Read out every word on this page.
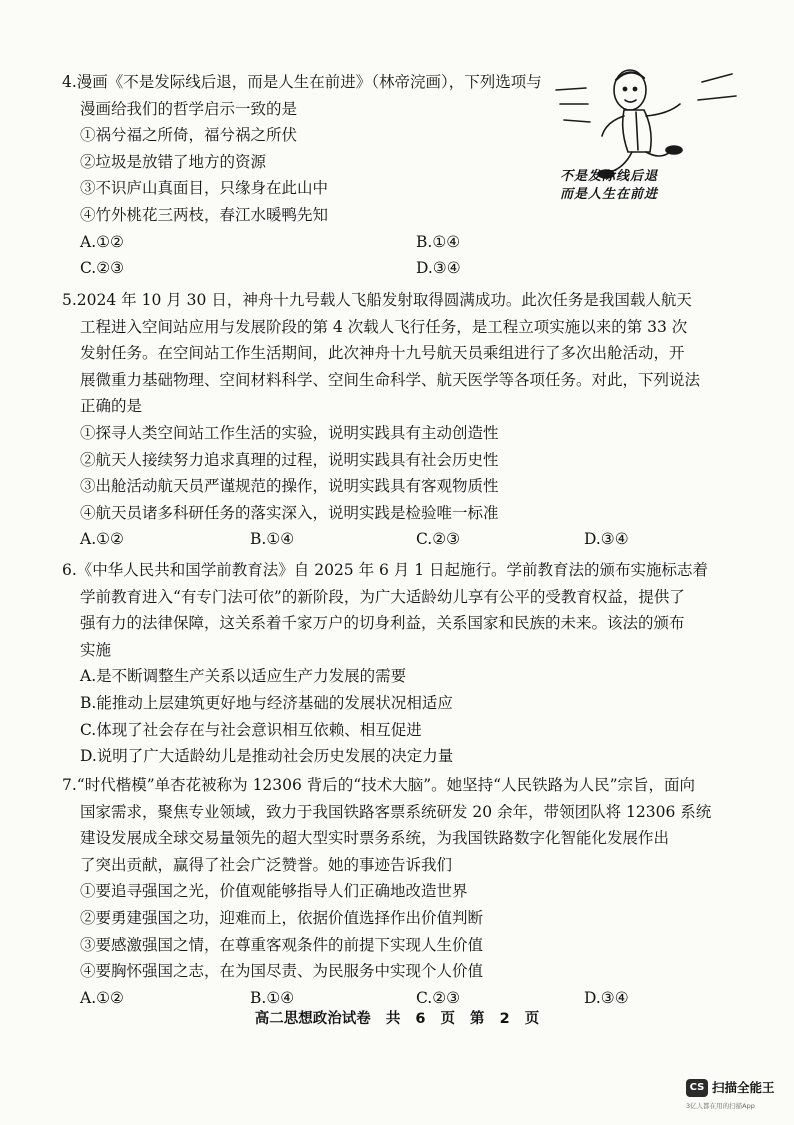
4.漫画《不是发际线后退，而是人生在前进》（林帝浣画），下列选项与
漫画给我们的哲学启示一致的是
①祸兮福之所倚，福兮祸之所伏
②垃圾是放错了地方的资源
③不识庐山真面目，只缘身在此山中
④竹外桃花三两枝，春江水暖鸭先知
A.①②	B.①④
C.②③	D.③④
不是发际线后退
而是人生在前进
5.2024 年 10 月 30 日，神舟十九号载人飞船发射取得圆满成功。此次任务是我国载人航天
工程进入空间站应用与发展阶段的第 4 次载人飞行任务，是工程立项实施以来的第 33 次
发射任务。在空间站工作生活期间，此次神舟十九号航天员乘组进行了多次出舱活动，开
展微重力基础物理、空间材料科学、空间生命科学、航天医学等各项任务。对此，下列说法
正确的是
①探寻人类空间站工作生活的实验，说明实践具有主动创造性
②航天人接续努力追求真理的过程，说明实践具有社会历史性
③出舱活动航天员严谨规范的操作，说明实践具有客观物质性
④航天员诸多科研任务的落实深入，说明实践是检验唯一标准
A.①②	B.①④	C.②③	D.③④
6.《中华人民共和国学前教育法》自 2025 年 6 月 1 日起施行。学前教育法的颁布实施标志着
学前教育进入“有专门法可依”的新阶段，为广大适龄幼儿享有公平的受教育权益，提供了
强有力的法律保障，这关系着千家万户的切身利益，关系国家和民族的未来。该法的颁布
实施
A.是不断调整生产关系以适应生产力发展的需要
B.能推动上层建筑更好地与经济基础的发展状况相适应
C.体现了社会存在与社会意识相互依赖、相互促进
D.说明了广大适龄幼儿是推动社会历史发展的决定力量
7.“时代楷模”单杏花被称为 12306 背后的“技术大脑”。她坚持“人民铁路为人民”宗旨，面向
国家需求，聚焦专业领域，致力于我国铁路客票系统研发 20 余年，带领团队将 12306 系统
建设发展成全球交易量领先的超大型实时票务系统，为我国铁路数字化智能化发展作出
了突出贡献，赢得了社会广泛赞誉。她的事迹告诉我们
①要追寻强国之光，价值观能够指导人们正确地改造世界
②要勇建强国之功，迎难而上，依据价值选择作出价值判断
③要感激强国之情，在尊重客观条件的前提下实现人生价值
④要胸怀强国之志，在为国尽责、为民服务中实现个人价值
A.①②	B.①④	C.②③	D.③④
高二思想政治试卷 共 6 页 第 2 页
CS 扫描全能王
3亿人都在用的扫描App
